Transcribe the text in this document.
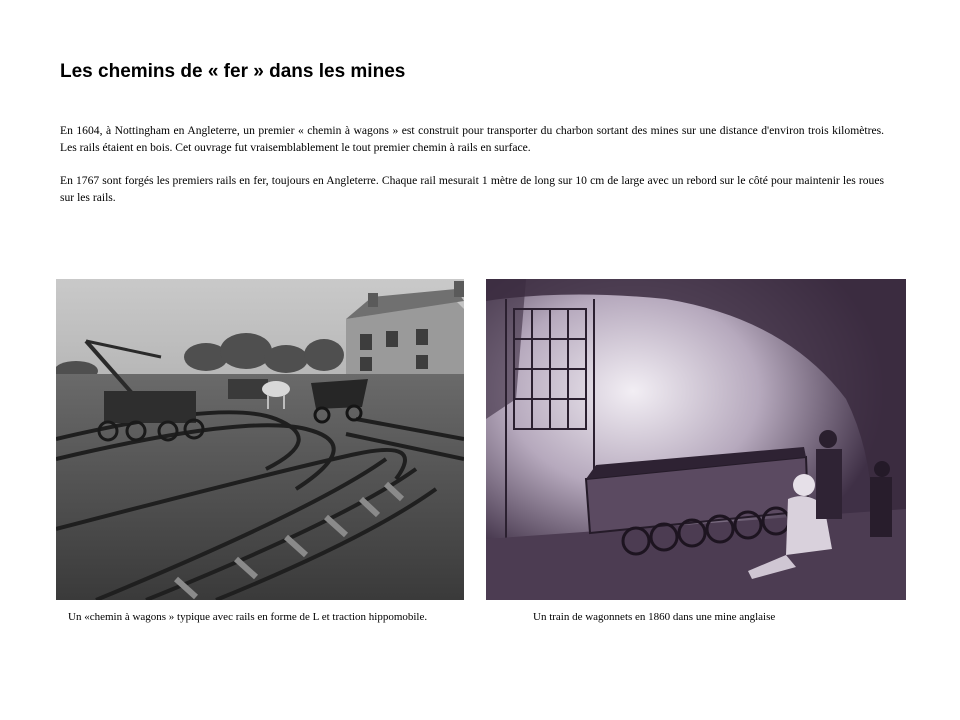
Les chemins de « fer » dans les mines

En 1604, à Nottingham en Angleterre, un premier « chemin à wagons » est construit pour transporter du charbon sortant des mines sur une distance d'environ trois kilomètres. Les rails étaient en bois. Cet ouvrage fut vraisemblablement le tout premier chemin à rails en surface.

En 1767 sont forgés les premiers rails en fer, toujours en Angleterre. Chaque rail mesurait 1 mètre de long sur 10 cm de large avec un rebord sur le côté pour maintenir les roues sur les rails.

Un «chemin à wagons » typique avec rails en forme de L et traction hippomobile.	Un train de wagonnets en 1860 dans une mine anglaise
